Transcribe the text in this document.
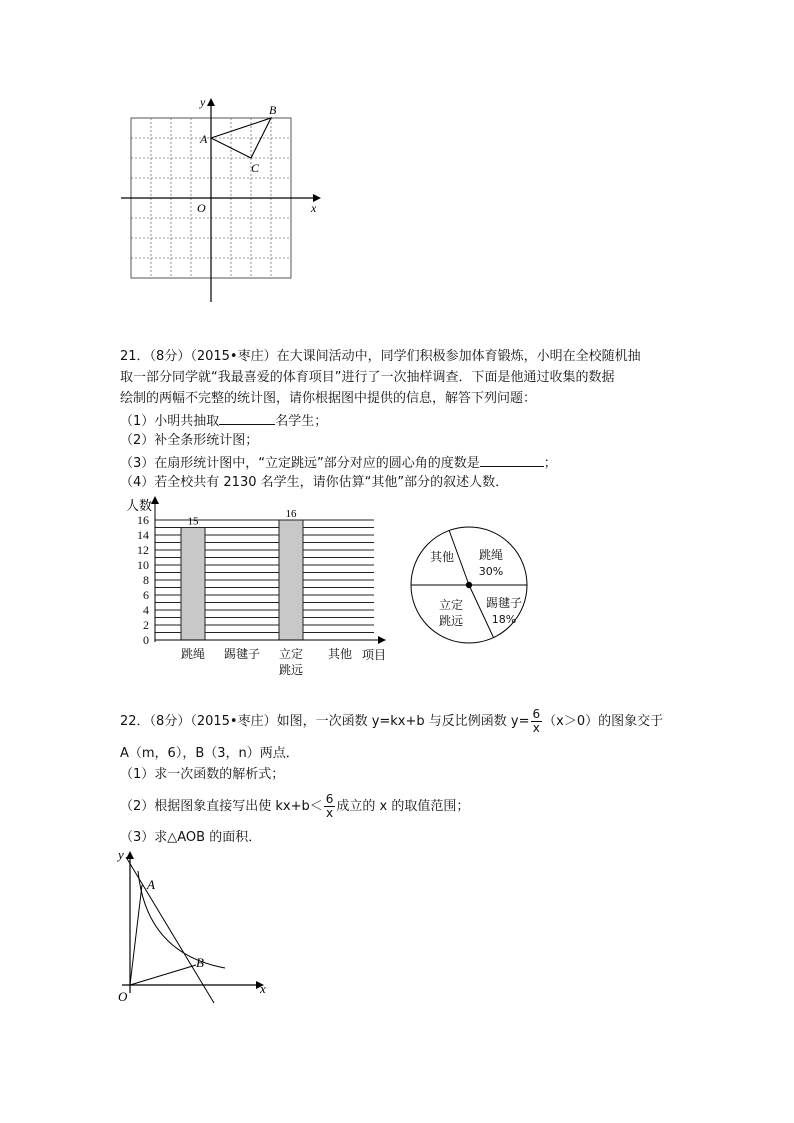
x
y
O
A
B
C
21．（8分）（2015•枣庄）在大课间活动中，同学们积极参加体育锻炼，小明在全校随机抽
取一部分同学就“我最喜爱的体育项目”进行了一次抽样调查．下面是他通过收集的数据
绘制的两幅不完整的统计图，请你根据图中提供的信息，解答下列问题：
（1）小明共抽取	名学生；
（2）补全条形统计图；
（3）在扇形统计图中，“立定跳远”部分对应的圆心角的度数是	；
（4）若全校共有 2130 名学生，请你估算“其他”部分的叙述人数．
0
2
4
6
8
10
12
14
16	15
16
跳绳 踢毽子 立定
跳远
其他
人数
项目
跳绳
30%
踢毽子
18%
立定
跳远
其他
22．（8分）（2015•枣庄）如图，一次函数 y=kx+b 与反比例函数 $y= \frac{6}{x} (x>0)$的图象交于
A（m，6），B（3，n）两点．
（1）求一次函数的解析式；
（2）根据图象直接写出使 $kx+b< \frac{6}{x}$ 成立的 x 的取值范围；
（3）求△AOB 的面积．
x
y
O
A
B
